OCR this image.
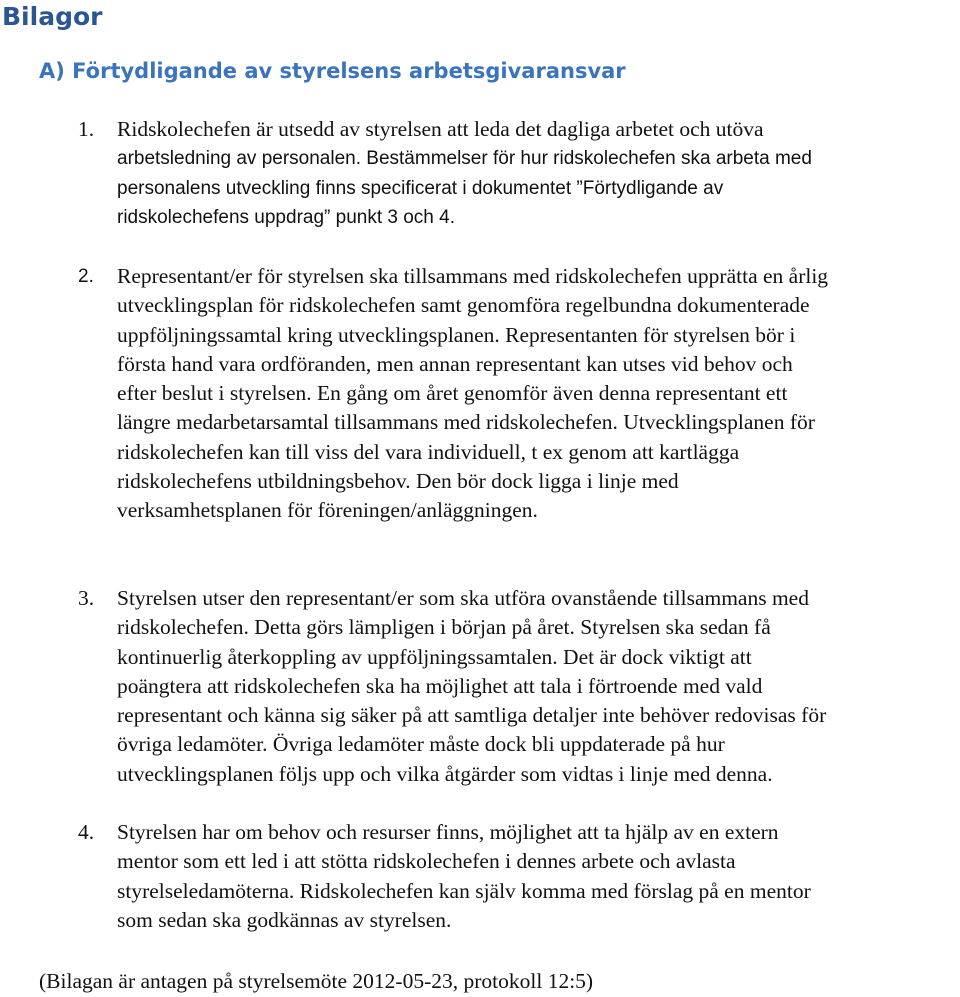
Bilagor
A) Förtydligande av styrelsens arbetsgivaransvar
1. Ridskolechefen är utsedd av styrelsen att leda det dagliga arbetet och utöva
arbetsledning av personalen. Bestämmelser för hur ridskolechefen ska arbeta med
personalens utveckling finns specificerat i dokumentet ”Förtydligande av
ridskolechefens uppdrag” punkt 3 och 4.
2. Representant/er för styrelsen ska tillsammans med ridskolechefen upprätta en årlig
utvecklingsplan för ridskolechefen samt genomföra regelbundna dokumenterade
uppföljningssamtal kring utvecklingsplanen. Representanten för styrelsen bör i
första hand vara ordföranden, men annan representant kan utses vid behov och
efter beslut i styrelsen. En gång om året genomför även denna representant ett
längre medarbetarsamtal tillsammans med ridskolechefen. Utvecklingsplanen för
ridskolechefen kan till viss del vara individuell, t ex genom att kartlägga
ridskolechefens utbildningsbehov. Den bör dock ligga i linje med
verksamhetsplanen för föreningen/anläggningen.
3. Styrelsen utser den representant/er som ska utföra ovanstående tillsammans med
ridskolechefen. Detta görs lämpligen i början på året. Styrelsen ska sedan få
kontinuerlig återkoppling av uppföljningssamtalen. Det är dock viktigt att
poängtera att ridskolechefen ska ha möjlighet att tala i förtroende med vald
representant och känna sig säker på att samtliga detaljer inte behöver redovisas för
övriga ledamöter. Övriga ledamöter måste dock bli uppdaterade på hur
utvecklingsplanen följs upp och vilka åtgärder som vidtas i linje med denna.
4. Styrelsen har om behov och resurser finns, möjlighet att ta hjälp av en extern
mentor som ett led i att stötta ridskolechefen i dennes arbete och avlasta
styrelseledamöterna. Ridskolechefen kan själv komma med förslag på en mentor
som sedan ska godkännas av styrelsen.
(Bilagan är antagen på styrelsemöte 2012-05-23, protokoll 12:5)
